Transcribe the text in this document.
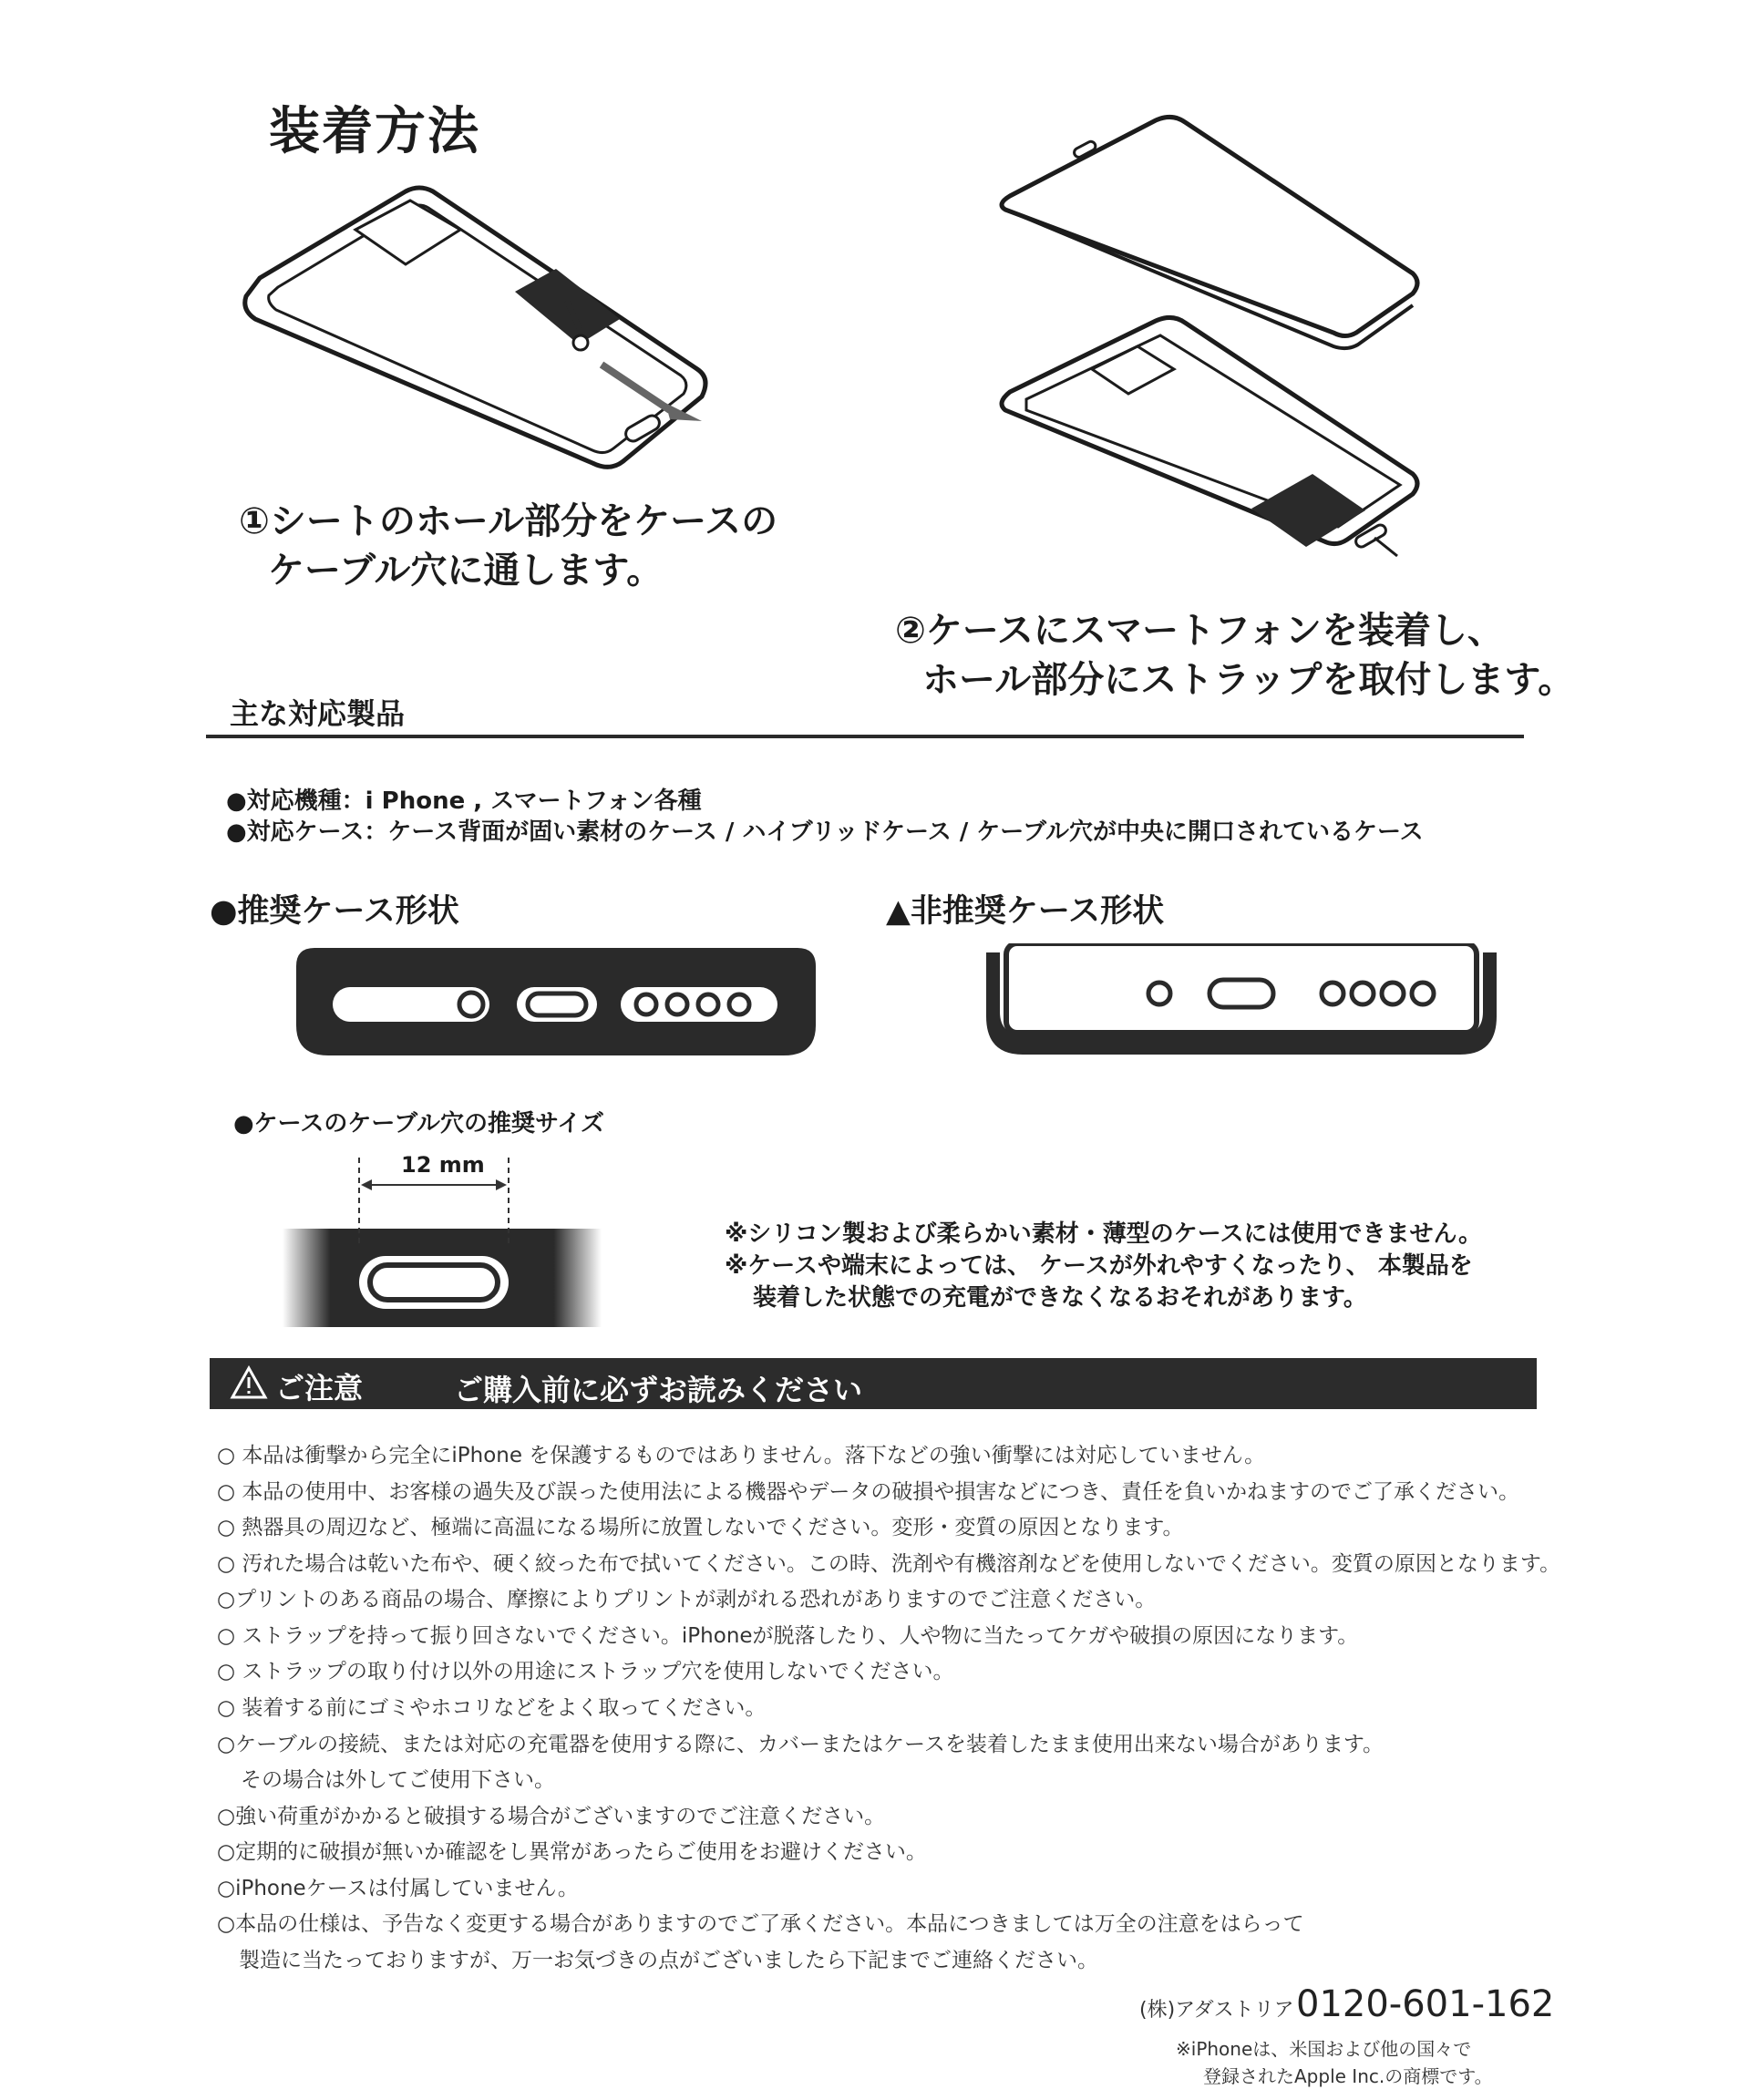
装着方法
①シートのホール部分をケースの
ケーブル穴に通します。
②ケースにスマートフォンを装着し、
ホール部分にストラップを取付します。
主な対応製品
●対応機種：i Phone , スマートフォン各種
●対応ケース：ケース背面が固い素材のケース / ハイブリッドケース / ケーブル穴が中央に開口されているケース
●推奨ケース形状	▲非推奨ケース形状
●ケースのケーブル穴の推奨サイズ
12 mm
※シリコン製および柔らかい素材・薄型のケースには使用できません。
※ケースや端末によっては、 ケースが外れやすくなったり、 本製品を
装着した状態での充電ができなくなるおそれがあります。
ご注意	ご購入前に必ずお読みください
○ 本品は衝撃から完全にiPhone を保護するものではありません。落下などの強い衝撃には対応していません。
○ 本品の使用中、お客様の過失及び誤った使用法による機器やデータの破損や損害などにつき、責任を負いかねますのでご了承ください。
○ 熱器具の周辺など、極端に高温になる場所に放置しないでください。変形・変質の原因となります。
○ 汚れた場合は乾いた布や、硬く絞った布で拭いてください。この時、洗剤や有機溶剤などを使用しないでください。変質の原因となります。
○プリントのある商品の場合、摩擦によりプリントが剥がれる恐れがありますのでご注意ください。
○ ストラップを持って振り回さないでください。iPhoneが脱落したり、人や物に当たってケガや破損の原因になります。
○ ストラップの取り付け以外の用途にストラップ穴を使用しないでください。
○ 装着する前にゴミやホコリなどをよく取ってください。
○ケーブルの接続、または対応の充電器を使用する際に、カバーまたはケースを装着したまま使用出来ない場合があります。
その場合は外してご使用下さい。
○強い荷重がかかると破損する場合がございますのでご注意ください。
○定期的に破損が無いか確認をし異常があったらご使用をお避けください。
○iPhoneケースは付属していません。
○本品の仕様は、予告なく変更する場合がありますのでご了承ください。本品につきましては万全の注意をはらって
製造に当たっておりますが、万一お気づきの点がございましたら下記までご連絡ください。
(株)アダストリア 0120-601-162
※iPhoneは、米国および他の国々で
登録されたApple Inc.の商標です。
